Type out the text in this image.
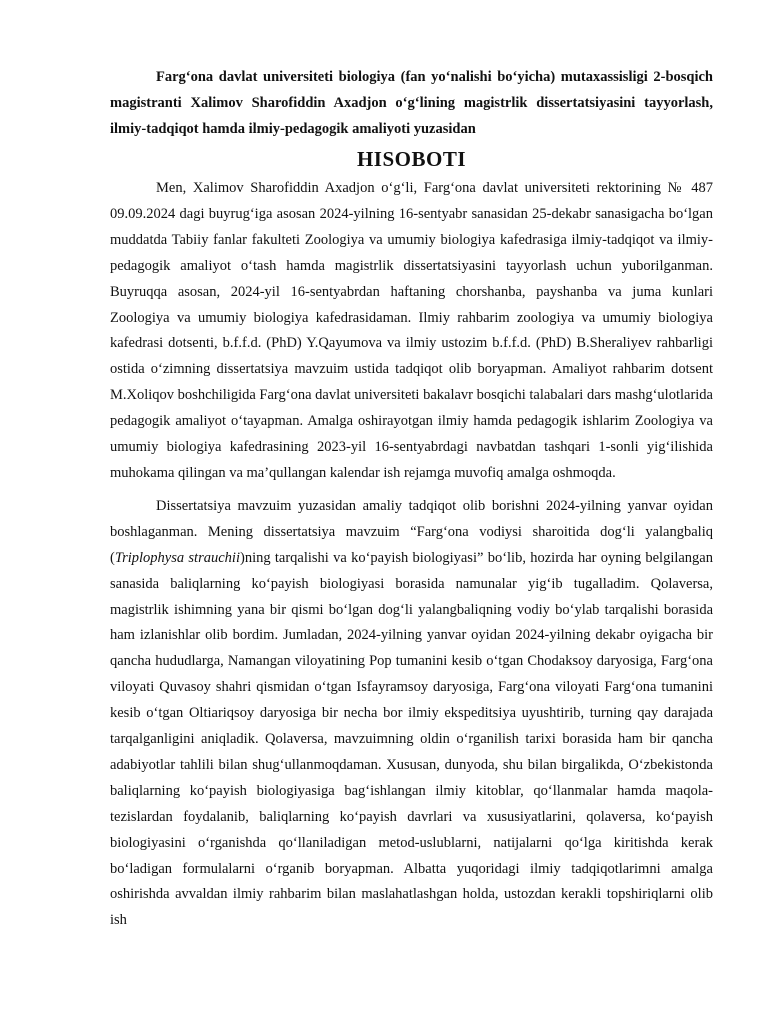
Farg‘ona davlat universiteti biologiya (fan yo‘nalishi bo‘yicha) mutaxassisligi 2-bosqich magistranti Xalimov Sharofiddin Axadjon o‘g‘lining magistrlik dissertatsiyasini tayyorlash, ilmiy-tadqiqot hamda ilmiy-pedagogik amaliyoti yuzasidan

HISOBOTI

Men, Xalimov Sharofiddin Axadjon o‘g‘li, Farg‘ona davlat universiteti rektorining № 487 09.09.2024 dagi buyrug‘iga asosan 2024-yilning 16-sentyabr sanasidan 25-dekabr sanasigacha bo‘lgan muddatda Tabiiy fanlar fakulteti Zoologiya va umumiy biologiya kafedrasiga ilmiy-tadqiqot va ilmiy-pedagogik amaliyot o‘tash hamda magistrlik dissertatsiyasini tayyorlash uchun yuborilganman. Buyruqqa asosan, 2024-yil 16-sentyabrdan haftaning chorshanba, payshanba va juma kunlari Zoologiya va umumiy biologiya kafedrasidaman. Ilmiy rahbarim zoologiya va umumiy biologiya kafedrasi dotsenti, b.f.f.d. (PhD) Y.Qayumova va ilmiy ustozim b.f.f.d. (PhD) B.Sheraliyev rahbarligi ostida o‘zimning dissertatsiya mavzuim ustida tadqiqot olib boryapman. Amaliyot rahbarim dotsent M.Xoliqov boshchiligida Farg‘ona davlat universiteti bakalavr bosqichi talabalari dars mashg‘ulotlarida pedagogik amaliyot o‘tayapman. Amalga oshirayotgan ilmiy hamda pedagogik ishlarim Zoologiya va umumiy biologiya kafedrasining 2023-yil 16-sentyabrdagi navbatdan tashqari 1-sonli yig‘ilishida muhokama qilingan va ma’qullangan kalendar ish rejamga muvofiq amalga oshmoqda.

Dissertatsiya mavzuim yuzasidan amaliy tadqiqot olib borishni 2024-yilning yanvar oyidan boshlaganman. Mening dissertatsiya mavzuim “Farg‘ona vodiysi sharoitida dog‘li yalangbaliq (Triplophysa strauchii)ning tarqalishi va ko‘payish biologiyasi” bo‘lib, hozirda har oyning belgilangan sanasida baliqlarning ko‘payish biologiyasi borasida namunalar yig‘ib tugalladim. Qolaversa, magistrlik ishimning yana bir qismi bo‘lgan dog‘li yalangbaliqning vodiy bo‘ylab tarqalishi borasida ham izlanishlar olib bordim. Jumladan, 2024-yilning yanvar oyidan 2024-yilning dekabr oyigacha bir qancha hududlarga, Namangan viloyatining Pop tumanini kesib o‘tgan Chodaksoy daryosiga, Farg‘ona viloyati Quvasoy shahri qismidan o‘tgan Isfayramsoy daryosiga, Farg‘ona viloyati Farg‘ona tumanini kesib o‘tgan Oltiariqsoy daryosiga bir necha bor ilmiy ekspeditsiya uyushtirib, turning qay darajada tarqalganligini aniqladik. Qolaversa, mavzuimning oldin o‘rganilish tarixi borasida ham bir qancha adabiyotlar tahlili bilan shug‘ullanmoqdaman. Xususan, dunyoda, shu bilan birgalikda, O‘zbekistonda baliqlarning ko‘payish biologiyasiga bag‘ishlangan ilmiy kitoblar, qo‘llanmalar hamda maqola-tezislardan foydalanib, baliqlarning ko‘payish davrlari va xususiyatlarini, qolaversa, ko‘payish biologiyasini o‘rganishda qo‘llaniladigan metod-uslublarni, natijalarni qo‘lga kiritishda kerak bo‘ladigan formulalarni o‘rganib boryapman. Albatta yuqoridagi ilmiy tadqiqotlarimni amalga oshirishda avvaldan ilmiy rahbarim bilan maslahatlashgan holda, ustozdan kerakli topshiriqlarni olib ish
